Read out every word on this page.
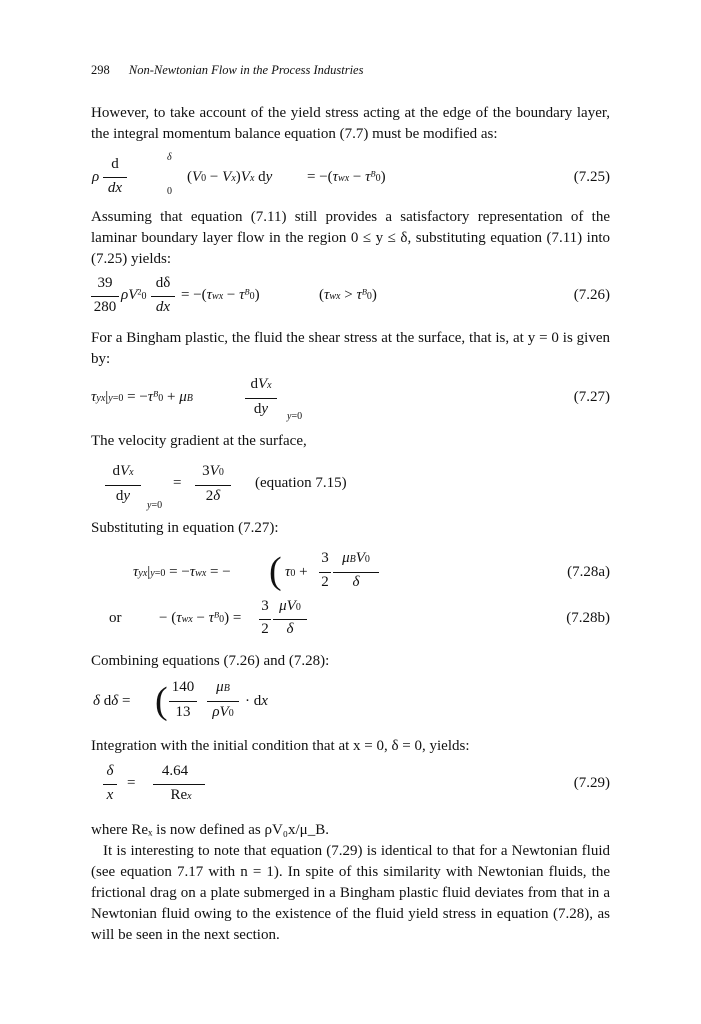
298 Non-Newtonian Flow in the Process Industries

However, to take account of the yield stress acting at the edge of the boundary layer, the integral momentum balance equation (7.7) must be modified as:

ρ
d
dx
δ
0
(V0 − Vx)Vx dy = $-(\tau wx - \tau^B0)$	(7.25)

Assuming that equation (7.11) still provides a satisfactory representation of the laminar boundary layer flow in the region 0 ≤ y ≤ δ, substituting equation (7.11) into (7.25) yields:

39
280
$\rho V^20$
dδ
dx
= $-(\tau wx - \tau^B0)$	$(\tau wx > \tau^B0)$	(7.26)

For a Bingham plastic, the fluid the shear stress at the surface, that is, at y = 0 is given by:

$\tau yx|y=0 = -\tau^B0 + \mu B$
dVx
dy	y=0
(7.27)

The velocity gradient at the surface,

dVx
dy
y=0
=
3V0
2δ
(equation 7.15)

Substituting in equation (7.27):

τyx|y=0 = −τwx = − ( τ0 +
3
2
μBV0
δ
(7.28a)
or	− $(\tau wx - \tau^B0)$ =
3
2
μV0
δ
(7.28b)
Combining equations (7.26) and (7.28):
δ dδ = ( 140
13
μB
ρV0
· dx

Integration with the initial condition that at x = 0, δ = 0, yields:

δ
x
=
4.64
Rex
(7.29)

where Reₓ is now defined as ρV₀x/μ_B.

It is interesting to note that equation (7.29) is identical to that for a Newtonian fluid (see equation 7.17 with n = 1). In spite of this similarity with Newtonian fluids, the frictional drag on a plate submerged in a Bingham plastic fluid deviates from that in a Newtonian fluid owing to the existence of the fluid yield stress in equation (7.28), as will be seen in the next section.
